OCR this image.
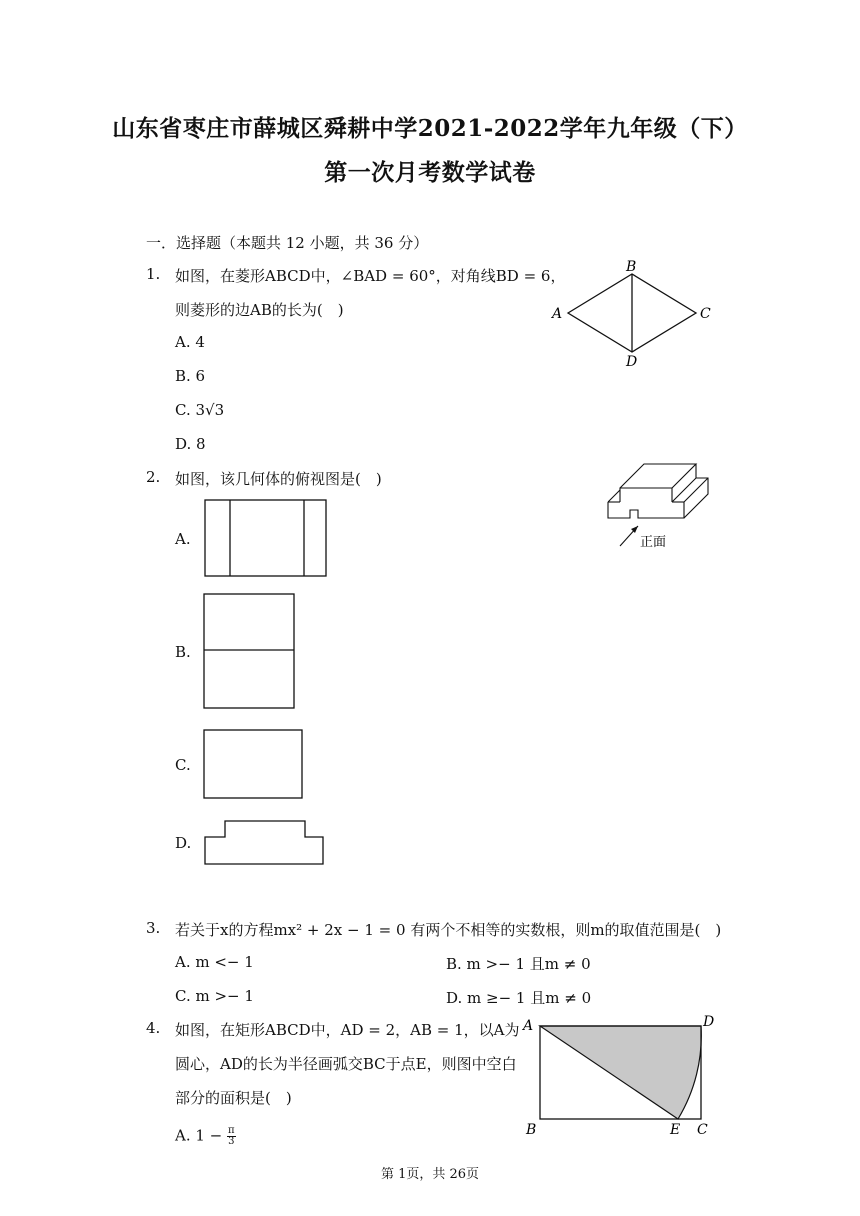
山东省枣庄市薛城区舜耕中学2021-2022学年九年级（下）
第一次月考数学试卷
一．选择题（本题共 12 小题，共 36 分）
1. 如图，在菱形ABCD中，∠BAD = 60°，对角线BD = 6，
则菱形的边AB的长为(　)
A. 4
B. 6
C. 3√3
D. 8
B
A	C
D
2. 如图，该几何体的俯视图是(　)
正面
A.
B.
C.
D.
3. 若关于x的方程mx² + 2x − 1 = 0 有两个不相等的实数根，则m的取值范围是(　)
A. m <− 1	B. m >− 1 且m ≠ 0
C. m >− 1	D. m ≥− 1 且m ≠ 0
4. 如图，在矩形ABCD中，AD = 2，AB = 1，以A为
圆心，AD的长为半径画弧交BC于点E，则图中空白
部分的面积是(　)
A. $1 - \frac{\pi}{3}$
A	D
B	E C
第 1页，共 26页
